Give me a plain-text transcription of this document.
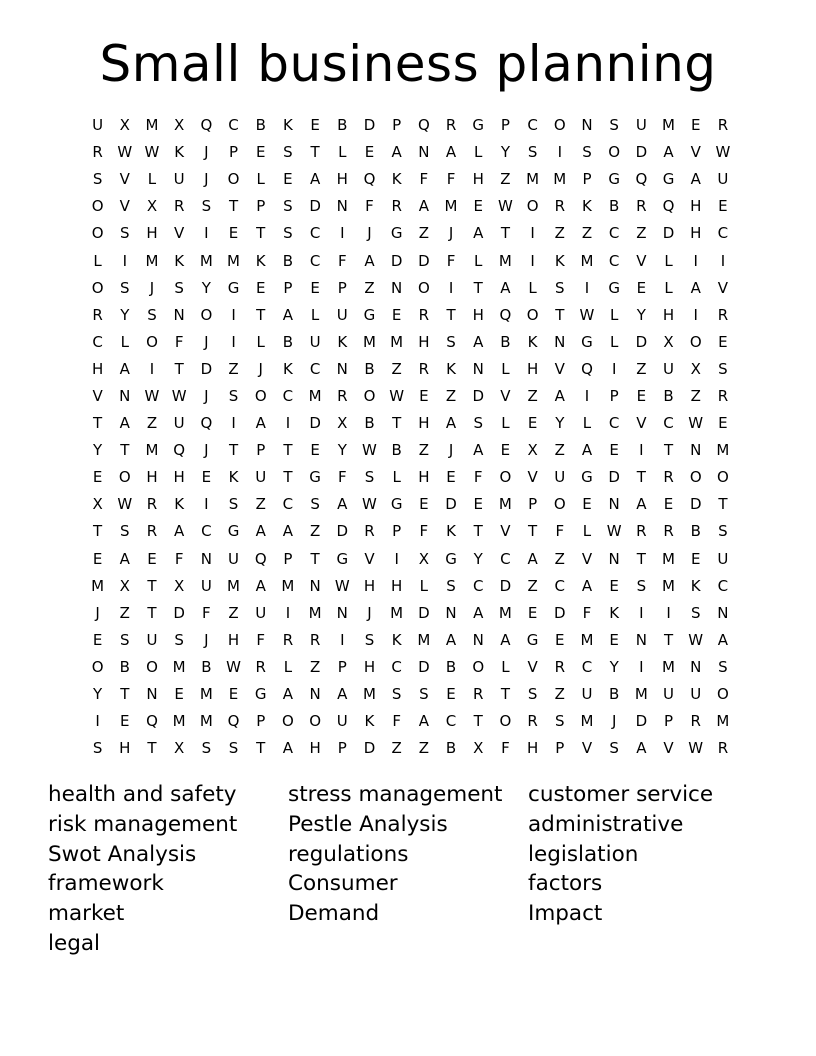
Small business planning
U	X	M	X	Q	C	B	K	E	B	D	P	Q	R	G	P	C	O	N	S	U	M	E	R
R	W	W	K	J	P	E	S	T	L	E	A	N	A	L	Y	S	I	S	O	D	A	V	W
S	V	L	U	J	O	L	E	A	H	Q	K	F	F	H	Z	M	M	P	G	Q	G	A	U
O	V	X	R	S	T	P	S	D	N	F	R	A	M	E	W	O	R	K	B	R	Q	H	E
O	S	H	V	I	E	T	S	C	I	J	G	Z	J	A	T	I	Z	Z	C	Z	D	H	C
L	I	M	K	M	M	K	B	C	F	A	D	D	F	L	M	I	K	M	C	V	L	I	I
O	S	J	S	Y	G	E	P	E	P	Z	N	O	I	T	A	L	S	I	G	E	L	A	V
R	Y	S	N	O	I	T	A	L	U	G	E	R	T	H	Q	O	T	W	L	Y	H	I	R
C	L	O	F	J	I	L	B	U	K	M	M	H	S	A	B	K	N	G	L	D	X	O	E
H	A	I	T	D	Z	J	K	C	N	B	Z	R	K	N	L	H	V	Q	I	Z	U	X	S
V	N	W	W	J	S	O	C	M	R	O	W	E	Z	D	V	Z	A	I	P	E	B	Z	R
T	A	Z	U	Q	I	A	I	D	X	B	T	H	A	S	L	E	Y	L	C	V	C	W	E
Y	T	M	Q	J	T	P	T	E	Y	W	B	Z	J	A	E	X	Z	A	E	I	T	N	M
E	O	H	H	E	K	U	T	G	F	S	L	H	E	F	O	V	U	G	D	T	R	O	O
X	W	R	K	I	S	Z	C	S	A	W	G	E	D	E	M	P	O	E	N	A	E	D	T
T	S	R	A	C	G	A	A	Z	D	R	P	F	K	T	V	T	F	L	W	R	R	B	S
E	A	E	F	N	U	Q	P	T	G	V	I	X	G	Y	C	A	Z	V	N	T	M	E	U
M	X	T	X	U	M	A	M	N	W	H	H	L	S	C	D	Z	C	A	E	S	M	K	C
J	Z	T	D	F	Z	U	I	M	N	J	M	D	N	A	M	E	D	F	K	I	I	S	N
E	S	U	S	J	H	F	R	R	I	S	K	M	A	N	A	G	E	M	E	N	T	W	A
O	B	O	M	B	W	R	L	Z	P	H	C	D	B	O	L	V	R	C	Y	I	M	N	S
Y	T	N	E	M	E	G	A	N	A	M	S	S	E	R	T	S	Z	U	B	M	U	U	O
I	E	Q	M	M	Q	P	O	O	U	K	F	A	C	T	O	R	S	M	J	D	P	R	M
S	H	T	X	S	S	T	A	H	P	D	Z	Z	B	X	F	H	P	V	S	A	V	W	R
health and safety	stress management	customer service
risk management	Pestle Analysis	administrative
Swot Analysis	regulations	legislation
framework	Consumer	factors
market	Demand	Impact
legal
